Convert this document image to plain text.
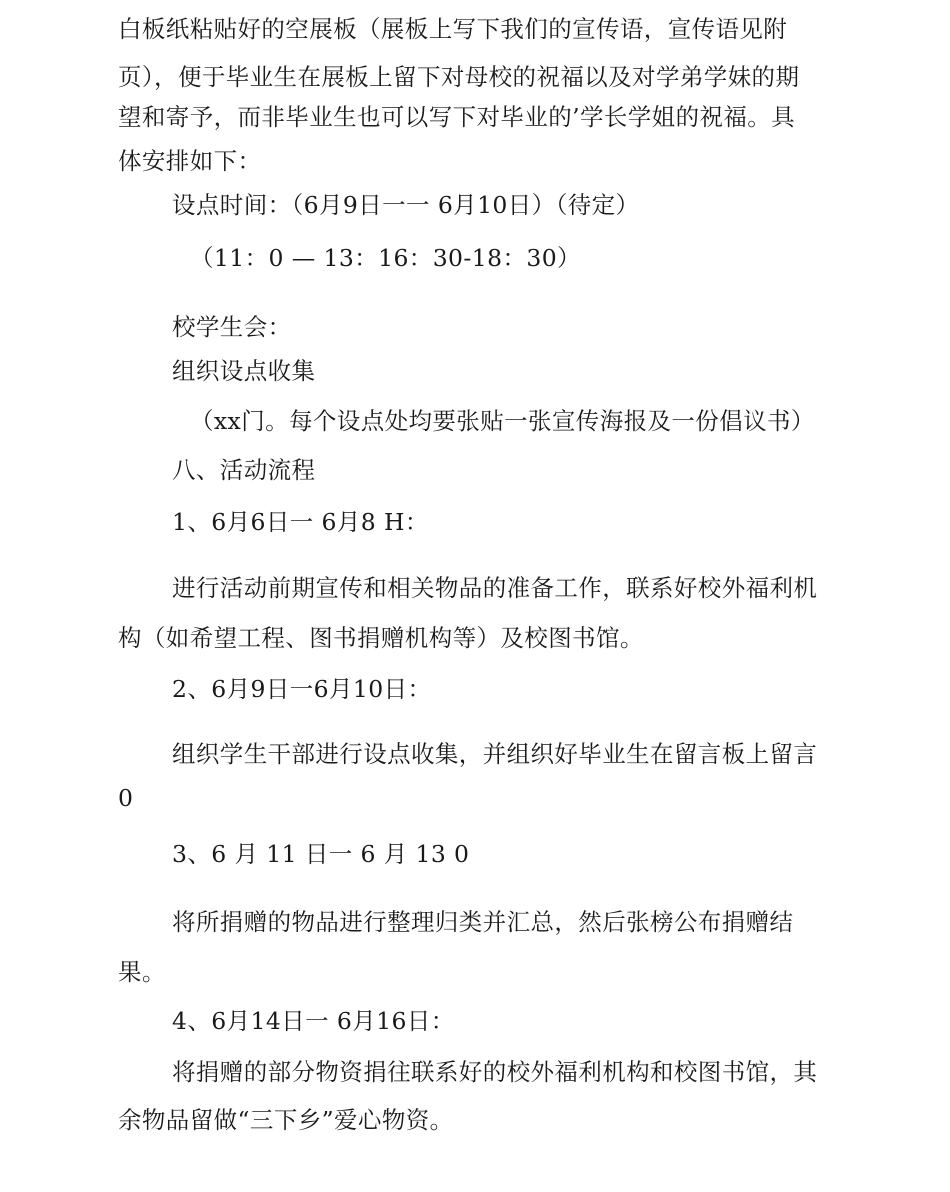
白板纸粘贴好的空展板（展板上写下我们的宣传语，宣传语见附
页），便于毕业生在展板上留下对母校的祝福以及对学弟学妹的期
望和寄予，而非毕业生也可以写下对毕业的’学长学姐的祝福。具
体安排如下：
设点时间：（6月9日一一 6月10日）（待定）
（11：0 — 13：16：30-18：30）
校学生会：
组织设点收集
（xx门。每个设点处均要张贴一张宣传海报及一份倡议书）
八、活动流程
1、6月6日一 6月8 H：
进行活动前期宣传和相关物品的准备工作，联系好校外福利机
构（如希望工程、图书捐赠机构等）及校图书馆。
2、6月9日一6月10日：
组织学生干部进行设点收集，并组织好毕业生在留言板上留言
0
3、6 月 11 日一 6 月 13 0
将所捐赠的物品进行整理归类并汇总，然后张榜公布捐赠结
果。
4、6月14日一 6月16日：
将捐赠的部分物资捐往联系好的校外福利机构和校图书馆，其
余物品留做“三下乡”爱心物资。
